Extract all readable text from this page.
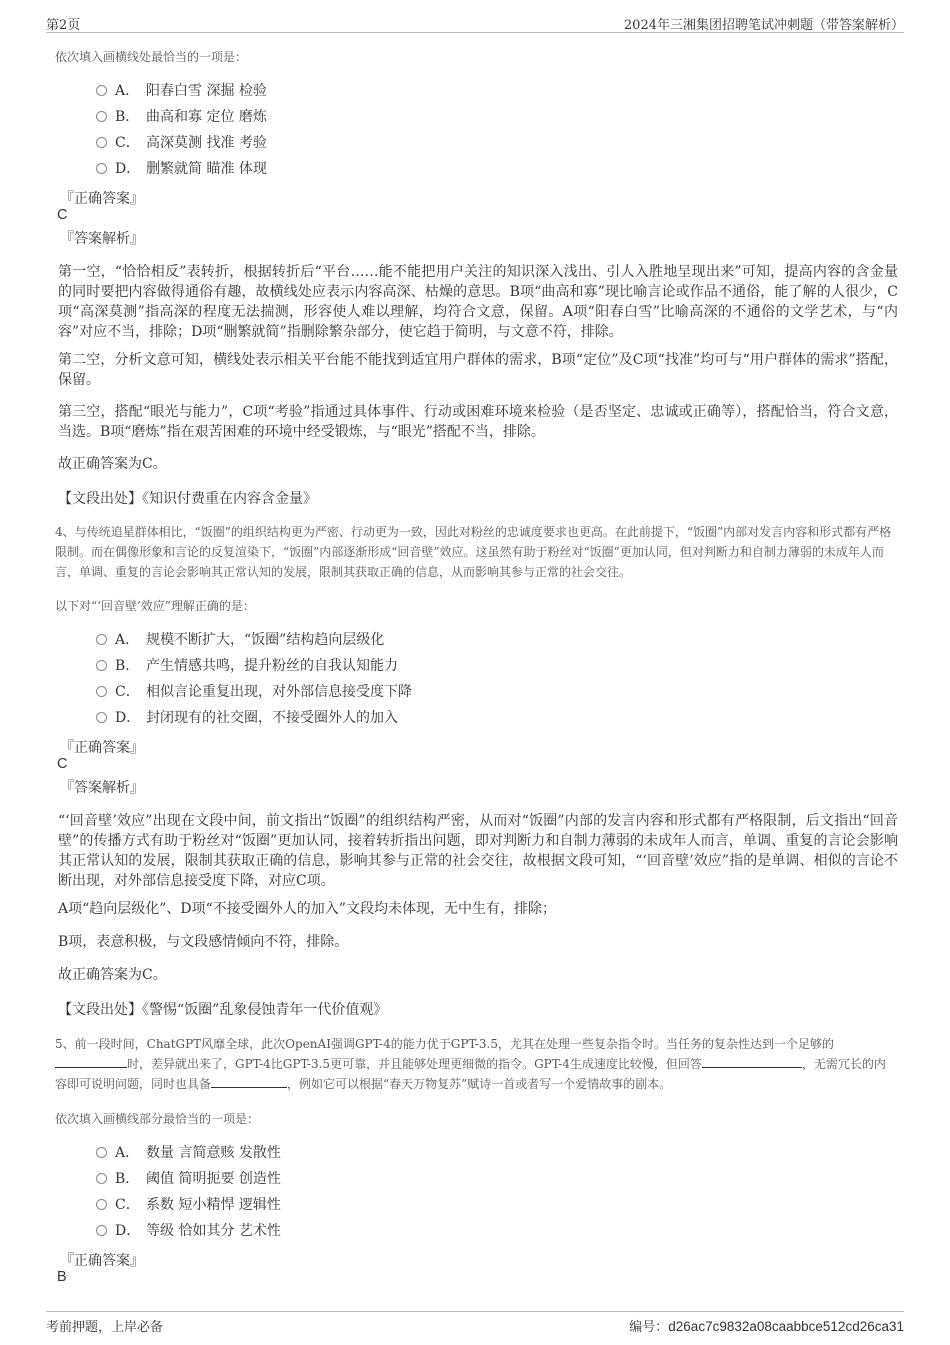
第2页	2024年三湘集团招聘笔试冲刺题（带答案解析）
依次填入画横线处最恰当的一项是：
A． 阳春白雪 深掘 检验
B． 曲高和寡 定位 磨炼
C． 高深莫测 找准 考验
D． 删繁就简 瞄准 体现
『正确答案』
C
『答案解析』
第一空，“恰恰相反”表转折，根据转折后“平台……能不能把用户关注的知识深入浅出、引人入胜地呈现出来”可知，提高内容的含金量的同时要把内容做得通俗有趣，故横线处应表示内容高深、枯燥的意思。B项“曲高和寡”现比喻言论或作品不通俗，能了解的人很少，C项“高深莫测”指高深的程度无法揣测，形容使人难以理解，均符合文意，保留。A项“阳春白雪”比喻高深的不通俗的文学艺术，与“内容”对应不当，排除；D项“删繁就简”指删除繁杂部分，使它趋于简明，与文意不符，排除。
第二空，分析文意可知，横线处表示相关平台能不能找到适宜用户群体的需求，B项“定位”及C项“找准”均可与“用户群体的需求”搭配，保留。
第三空，搭配“眼光与能力”，C项“考验”指通过具体事件、行动或困难环境来检验（是否坚定、忠诚或正确等），搭配恰当，符合文意，当选。B项“磨炼”指在艰苦困难的环境中经受锻炼，与“眼光”搭配不当，排除。
故正确答案为C。
【文段出处】《知识付费重在内容含金量》
4、与传统追星群体相比，“饭圈”的组织结构更为严密、行动更为一致，因此对粉丝的忠诚度要求也更高。在此前提下，“饭圈”内部对发言内容和形式都有严格限制。而在偶像形象和言论的反复渲染下，“饭圈”内部逐渐形成“回音壁”效应。这虽然有助于粉丝对“饭圈”更加认同，但对判断力和自制力薄弱的未成年人而言，单调、重复的言论会影响其正常认知的发展，限制其获取正确的信息，从而影响其参与正常的社会交往。
以下对“‘回音壁’效应”理解正确的是：
A． 规模不断扩大，“饭圈”结构趋向层级化
B． 产生情感共鸣，提升粉丝的自我认知能力
C． 相似言论重复出现，对外部信息接受度下降
D． 封闭现有的社交圈，不接受圈外人的加入
『正确答案』
C
『答案解析』
“‘回音壁’效应”出现在文段中间，前文指出“饭圈”的组织结构严密，从而对“饭圈”内部的发言内容和形式都有严格限制，后文指出“回音壁”的传播方式有助于粉丝对“饭圈”更加认同，接着转折指出问题，即对判断力和自制力薄弱的未成年人而言，单调、重复的言论会影响其正常认知的发展，限制其获取正确的信息，影响其参与正常的社会交往，故根据文段可知，“‘回音壁’效应”指的是单调、相似的言论不断出现，对外部信息接受度下降，对应C项。
A项“趋向层级化”、D项“不接受圈外人的加入”文段均未体现，无中生有，排除；
B项，表意积极，与文段感情倾向不符，排除。
故正确答案为C。
【文段出处】《警惕“饭圈”乱象侵蚀青年一代价值观》
5、前一段时间，ChatGPT风靡全球，此次OpenAI强调GPT-4的能力优于GPT-3.5，尤其在处理一些复杂指令时。当任务的复杂性达到一个足够的时，差异就出来了，GPT-4比GPT-3.5更可靠，并且能够处理更细微的指令。GPT-4生成速度比较慢，但回答	，无需冗长的内容即可说明问题，同时也具备	，例如它可以根据“春天万物复苏”赋诗一首或者写一个爱情故事的剧本。
依次填入画横线部分最恰当的一项是：
A． 数量 言简意赅 发散性
B． 阈值 简明扼要 创造性
C． 系数 短小精悍 逻辑性
D． 等级 恰如其分 艺术性
『正确答案』
B
考前押题，上岸必备	编号：d26ac7c9832a08caabbce512cd26ca31
